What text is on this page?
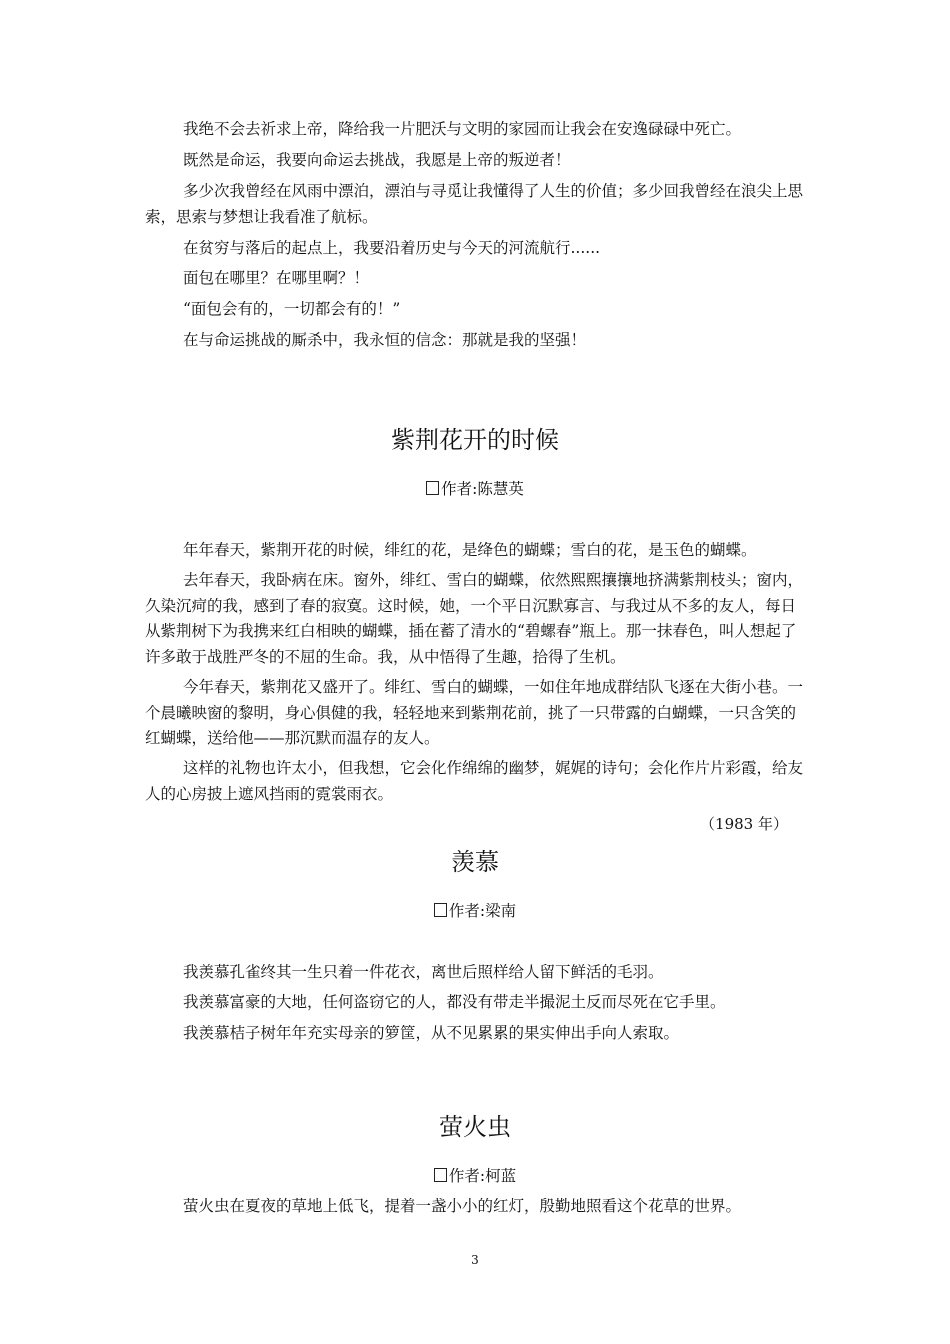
我绝不会去祈求上帝，降给我一片肥沃与文明的家园而让我会在安逸碌碌中死亡。

既然是命运，我要向命运去挑战，我愿是上帝的叛逆者！

多少次我曾经在风雨中漂泊，漂泊与寻觅让我懂得了人生的价值；多少回我曾经在浪尖上思索，思索与梦想让我看准了航标。

在贫穷与落后的起点上，我要沿着历史与今天的河流航行......

面包在哪里？在哪里啊？！

“面包会有的，一切都会有的！”

在与命运挑战的厮杀中，我永恒的信念：那就是我的坚强！

紫荆花开的时候
作者:陈慧英

年年春天，紫荆开花的时候，绯红的花，是绛色的蝴蝶；雪白的花，是玉色的蝴蝶。

去年春天，我卧病在床。窗外，绯红、雪白的蝴蝶，依然熙熙攘攘地挤满紫荆枝头；窗内，久染沉疴的我，感到了春的寂寞。这时候，她，一个平日沉默寡言、与我过从不多的友人，每日从紫荆树下为我携来红白相映的蝴蝶，插在蓄了清水的“碧螺春”瓶上。那一抹春色，叫人想起了许多敢于战胜严冬的不屈的生命。我，从中悟得了生趣，拾得了生机。

今年春天，紫荆花又盛开了。绯红、雪白的蝴蝶，一如住年地成群结队飞逐在大街小巷。一个晨曦映窗的黎明，身心俱健的我，轻轻地来到紫荆花前，挑了一只带露的白蝴蝶，一只含笑的红蝴蝶，送给他——那沉默而温存的友人。

这样的礼物也许太小，但我想，它会化作绵绵的幽梦，娓娓的诗句；会化作片片彩霞，给友人的心房披上遮风挡雨的霓裳雨衣。

（1983 年）
羡慕
作者:梁南

我羡慕孔雀终其一生只着一件花衣，离世后照样给人留下鲜活的毛羽。

我羡慕富豪的大地，任何盗窃它的人，都没有带走半撮泥土反而尽死在它手里。

我羡慕桔子树年年充实母亲的箩筐，从不见累累的果实伸出手向人索取。

萤火虫
作者:柯蓝

萤火虫在夏夜的草地上低飞，提着一盏小小的红灯，殷勤地照看这个花草的世界。

3
